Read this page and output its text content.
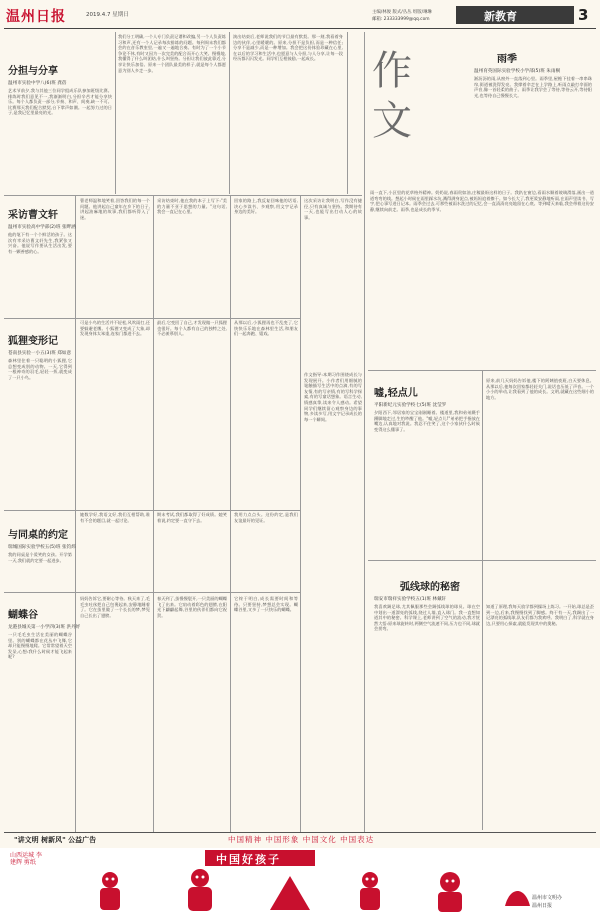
温州日报	2019.4.7 星期日	主编/林俊 版式/丛丛 组版/琳琳
邮箱: 233333999@qq.com	新教育	3
分担与分享
温州市实验中学八(6)班 龚蓓
艺术节前夕,我与其他三位同学组成乐队参加班级比赛。排练时我们意见不一,我渐渐明白,分担辛苦才能分享快乐。每个人都负责一部分,节奏、和声、间奏,缺一不可。比赛那天我们配合默契,台下掌声如潮。一起努力过的日子,是我记忆里最亮的光。
我们分工明确,一个人专门负责记谱和改编,另一个人负责练习和声,还有一个人记录每次排练的问题。每到周末我们都会约在音乐教室里,一遍又一遍地合奏。有时为了一个小节争论不休,有时又因为一次完美的配合而开心大笑。慢慢地,我懂得了什么叫团结,什么叫坚持。分担让我们彼此靠近,分享让快乐加倍。原来一个团队最美的样子,就是每个人都愿意为别人多走一步。
演出结束后,老师说我们的节目最有默契。那一刻,我看着身边的伙伴,心里暖暖的。原来,分担不是负担,而是一种信任;分享不是减少,而是一种增加。我会把这份体验珍藏在心里,在以后的学习和生活中,也愿意与人分担,与人分享,让每一段经历都闪闪发光。同学们互相鼓励,一起成长。	作文
雨季
温州育英国际实验学校小学部(5)班 朱雨桐
淅沥沥的雨,从窗外一直落到心里。雨季里,屋檐下挂着一串串珠帘,街道被洗得发亮。我撑着伞走在上学路上,听雨点敲打伞面的声音,像一首轻柔的曲子。雨季让我学会了等待,等待云开,等待阳光,也等待自己慢慢长大。
雨一直下,小区里的花草格外精神。奶奶说,春雨贵如油,庄稼最盼这样的日子。我趴在窗边,看雨水顺着玻璃滑落,画出一道道弯弯的线。想起小时候在雨里踩水坑,溅得满身泥点,被妈妈追着擦干。如今长大了,我更爱安静地听雨,在雨声里读书、写字,把心事写进日记本。雨季会过去,可那些被雨水洗过的记忆,会一直清清亮亮地留在心底。等到晴天来临,我会带着这份安静,继续向前走。雨季,也是成长的季节。
采访曹文轩
温州市实验高中学部(2)班 张畔涵
他的笔下有一个个鲜活的孩子。这次有幸采访曹文轩先生,我紧张又兴奋。他说写作要从生活出发,要有一颗善感的心。
曹老师温和地笑着,回答我们的每一个问题。他讲起自己童年在乡下的日子,讲起油麻地的故事,我们都听得入了迷。
采访结束时,他在我的本子上写下:"美的力量不亚于思想的力量。"这句话,我会一直记在心里。
回家的路上,我反复回味他的话语,决心多读书、多观察,用文字记录身边的美好。
这次采访让我明白,写作没有捷径,只有真诚与坚持。我期待有一天,也能写出打动人心的故事。
狐狸变形记
苍南县实验一小五(3)班 郑如意
森林里住着一只聪明的小狐狸,它总想变成别的动物。一天,它得到一根神奇的羽毛,轻轻一挥,就变成了一只小鸟。
可是小鸟的生活并不轻松,风吹雨打,还要躲避老鹰。小狐狸又变成了大象,却发现身体太笨重,连家门都进不去。
最后,它变回了自己,才发现做一只狐狸也很好。每个人都有自己的独特之处,不必羡慕别人。
从那以后,小狐狸再也不乱变了,它快快乐乐地在森林里生活,和朋友们一起奔跑、嬉戏。
嘘,轻点儿
平阳新纪元实验学校七(5)班 沈莹罗
夕阳西下,邻居家的宝宝刚刚睡着。楼道里,我和弟弟蹑手蹑脚地走过,生怕吵醒了他。"嘘,轻点儿!"弟弟把手指放在嘴边,认真地对我说。我忍不住笑了,这个小家伙什么时候变得这么懂事了。
原来,前几天妈妈告诉他,楼下的阿姨值夜班,白天要休息。从那以后,他每次回家都轻轻关门,说话也压低了声音。一个小小的举动,让我看到了他的成长。文明,就藏在这些细小的地方。
与同桌的约定
瑞城国际实验学校五(5)班 张钧炜
我的同桌是个爱笑的女孩。开学第一天,我们就约定要一起进步。
她数学好,我语文好,我们互相帮助,谁有不会的题目,就一起讨论。
期末考试,我们都取得了好成绩。她笑着说,约定要一直守下去。
我用力点点头。这份约定,是我们友谊最好的见证。
弧线球的秘密
瑞安市瑞祥实验学校五(1)班 林戴轩
我喜欢踢足球,尤其佩服那些会踢弧线球的球员。球在空中划出一道漂亮的弧线,绕过人墙,直入球门。我一直想知道其中的秘密。科学课上,老师讲到了空气的流动,我才恍然大悟:原来球旋转时,两侧空气流速不同,压力也不同,球就会拐弯。
知道了原理,我每天放学都到操场上练习。一开始,球总是歪到一边,后来,我慢慢找到了脚感。终于有一天,我踢出了一记漂亮的弧线球,队友们都为我欢呼。我明白了,科学就在身边,只要用心探索,就能发现其中的奥秘。
蝴蝶谷
龙港县城关第一小学四(3)班 洪丹妤
一只毛毛虫生活在美丽的蝴蝶谷里。别的蝴蝶都在花丛中飞舞,它却只能慢慢地爬。它常常望着天空发呆,心想:我什么时候才能飞起来呢?
妈妈告诉它,要耐心等待。秋天来了,毛毛虫吐丝把自己包裹起来,安静地睡着了。它在茧里做了一个长长的梦,梦见自己长出了翅膀。
春天到了,茧慢慢裂开,一只美丽的蝴蝶飞了出来。它扇动着彩色的翅膀,在阳光下翩翩起舞,谷里的伙伴们都向它祝贺。
它终于明白,成长需要时间和等待。只要坚持,梦想总会实现。蝴蝶谷里,又多了一只快乐的蝴蝶。
作文指导:本期习作围绕成长与发现展开。小作者们用细腻的笔触描写生活中的点滴,有的写友情,有的写亲情,有的写科学探索,有的写童话想象。语言生动,情感真挚,读来令人感动。希望同学们继续留心观察身边的事物,多读多写,用文字记录成长的每一个瞬间。
"讲文明 树新风" 公益广告	中国精神 中国形象 中国文化 中国表达
山西运城 李建辉 剪纸	中国好孩子
温州市文明办
温州日报
